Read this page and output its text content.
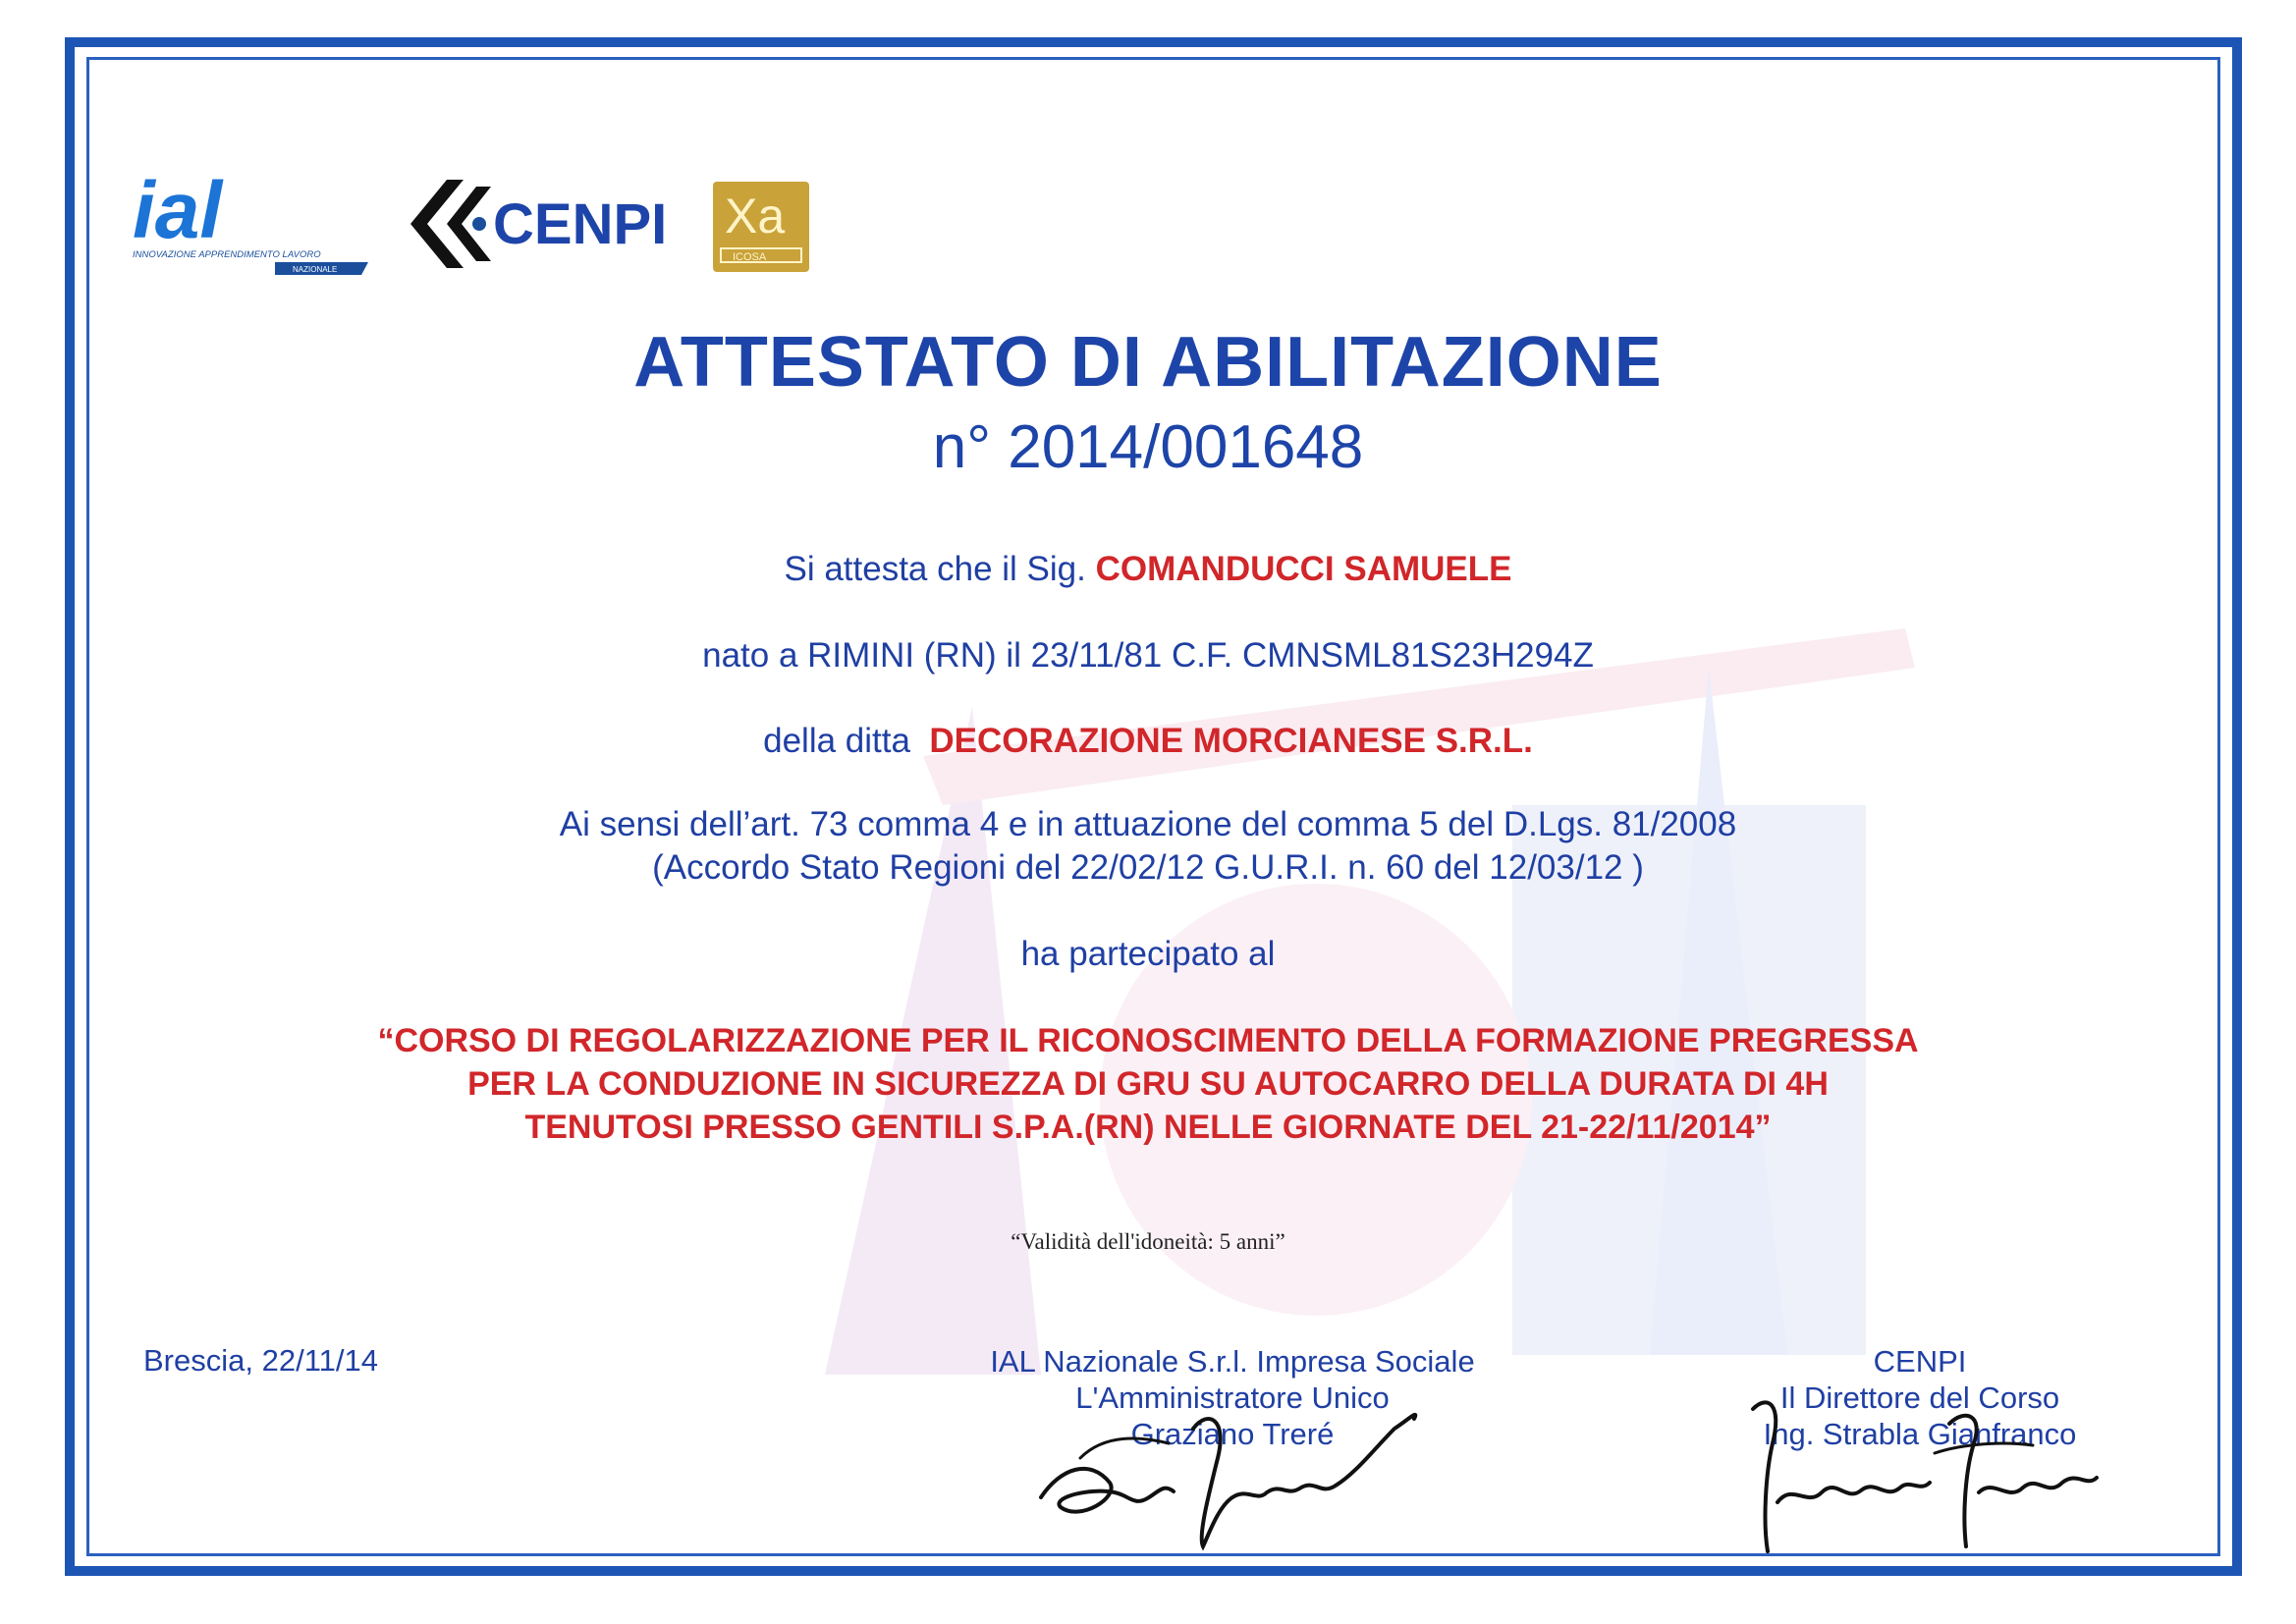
ial
INNOVAZIONE APPRENDIMENTO LAVORO
NAZIONALE
CENPI Xa
ICOSA
ATTESTATO DI ABILITAZIONE
n° 2014/001648
Si attesta che il Sig. COMANDUCCI SAMUELE
nato a RIMINI (RN) il 23/11/81 C.F. CMNSML81S23H294Z
della ditta DECORAZIONE MORCIANESE S.R.L.
Ai sensi dell’art. 73 comma 4 e in attuazione del comma 5 del D.Lgs. 81/2008
(Accordo Stato Regioni del 22/02/12 G.U.R.I. n. 60 del 12/03/12 )
ha partecipato al
“CORSO DI REGOLARIZZAZIONE PER IL RICONOSCIMENTO DELLA FORMAZIONE PREGRESSA
PER LA CONDUZIONE IN SICUREZZA DI GRU SU AUTOCARRO DELLA DURATA DI 4H
TENUTOSI PRESSO GENTILI S.P.A.(RN) NELLE GIORNATE DEL 21-22/11/2014”
“Validità dell'idoneità: 5 anni”
Brescia, 22/11/14	IAL Nazionale S.r.l. Impresa Sociale
L'Amministratore Unico
Graziano Treré
CENPI
Il Direttore del Corso
Ing. Strabla Gianfranco
